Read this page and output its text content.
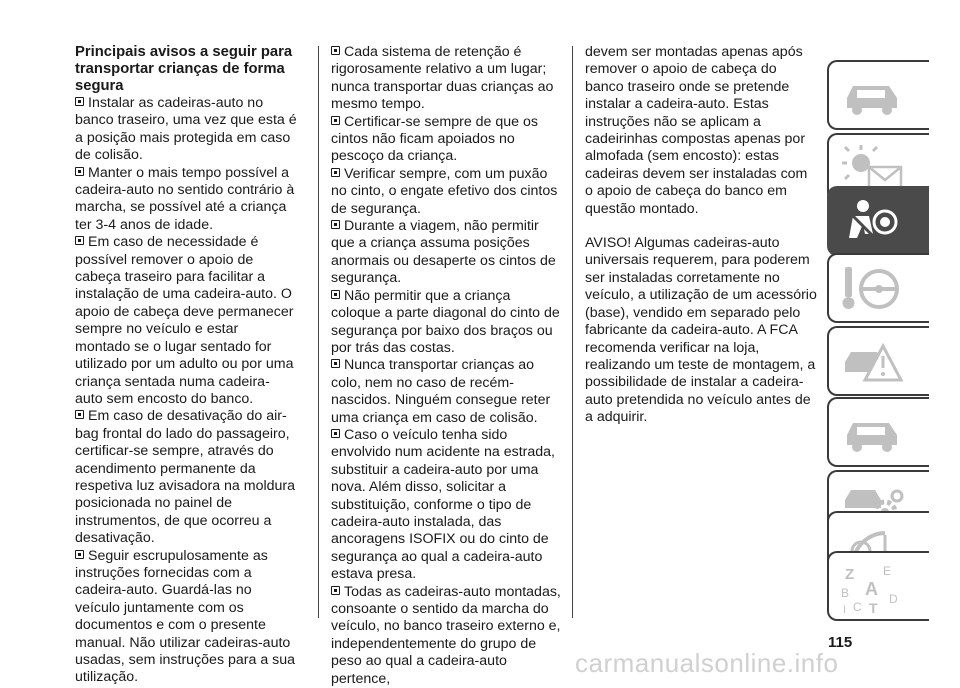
Principais avisos a seguir para transportar crianças de forma segura

Instalar as cadeiras-auto no banco traseiro, uma vez que esta é a posição mais protegida em caso de colisão.

Manter o mais tempo possível a cadeira-auto no sentido contrário à marcha, se possível até a criança ter 3-4 anos de idade.

Em caso de necessidade é possível remover o apoio de cabeça traseiro para facilitar a instalação de uma cadeira-auto. O apoio de cabeça deve permanecer sempre no veículo e estar montado se o lugar sentado for utilizado por um adulto ou por uma criança sentada numa cadeira-auto sem encosto do banco.

Em caso de desativação do air-bag frontal do lado do passageiro, certificar-se sempre, através do acendimento permanente da respetiva luz avisadora na moldura posicionada no painel de instrumentos, de que ocorreu a desativação.

Seguir escrupulosamente as instruções fornecidas com a cadeira-auto. Guardá-las no veículo juntamente com os documentos e com o presente manual. Não utilizar cadeiras-auto usadas, sem instruções para a sua utilização.

Cada sistema de retenção é rigorosamente relativo a um lugar; nunca transportar duas crianças ao mesmo tempo.

Certificar-se sempre de que os cintos não ficam apoiados no pescoço da criança.

Verificar sempre, com um puxão no cinto, o engate efetivo dos cintos de segurança.

Durante a viagem, não permitir que a criança assuma posições anormais ou desaperte os cintos de segurança.

Não permitir que a criança coloque a parte diagonal do cinto de segurança por baixo dos braços ou por trás das costas.

Nunca transportar crianças ao colo, nem no caso de recém-nascidos. Ninguém consegue reter uma criança em caso de colisão.

Caso o veículo tenha sido envolvido num acidente na estrada, substituir a cadeira-auto por uma nova. Além disso, solicitar a substituição, conforme o tipo de cadeira-auto instalada, das ancoragens ISOFIX ou do cinto de segurança ao qual a cadeira-auto estava presa.

Todas as cadeiras-auto montadas, consoante o sentido da marcha do veículo, no banco traseiro externo e, independentemente do grupo de peso ao qual a cadeira-auto pertence,

devem ser montadas apenas após remover o apoio de cabeça do banco traseiro onde se pretende instalar a cadeira-auto. Estas instruções não se aplicam a cadeirinhas compostas apenas por almofada (sem encosto): estas cadeiras devem ser instaladas com o apoio de cabeça do banco em questão montado.

AVISO! Algumas cadeiras-auto universais requerem, para poderem ser instaladas corretamente no veículo, a utilização de um acessório (base), vendido em separado pelo fabricante da cadeira-auto. A FCA recomenda verificar na loja, realizando um teste de montagem, a possibilidade de instalar a cadeira-auto pretendida no veículo antes de a adquirir.

Z E
B A
C T
D
I
115
carmanualsonline.info
